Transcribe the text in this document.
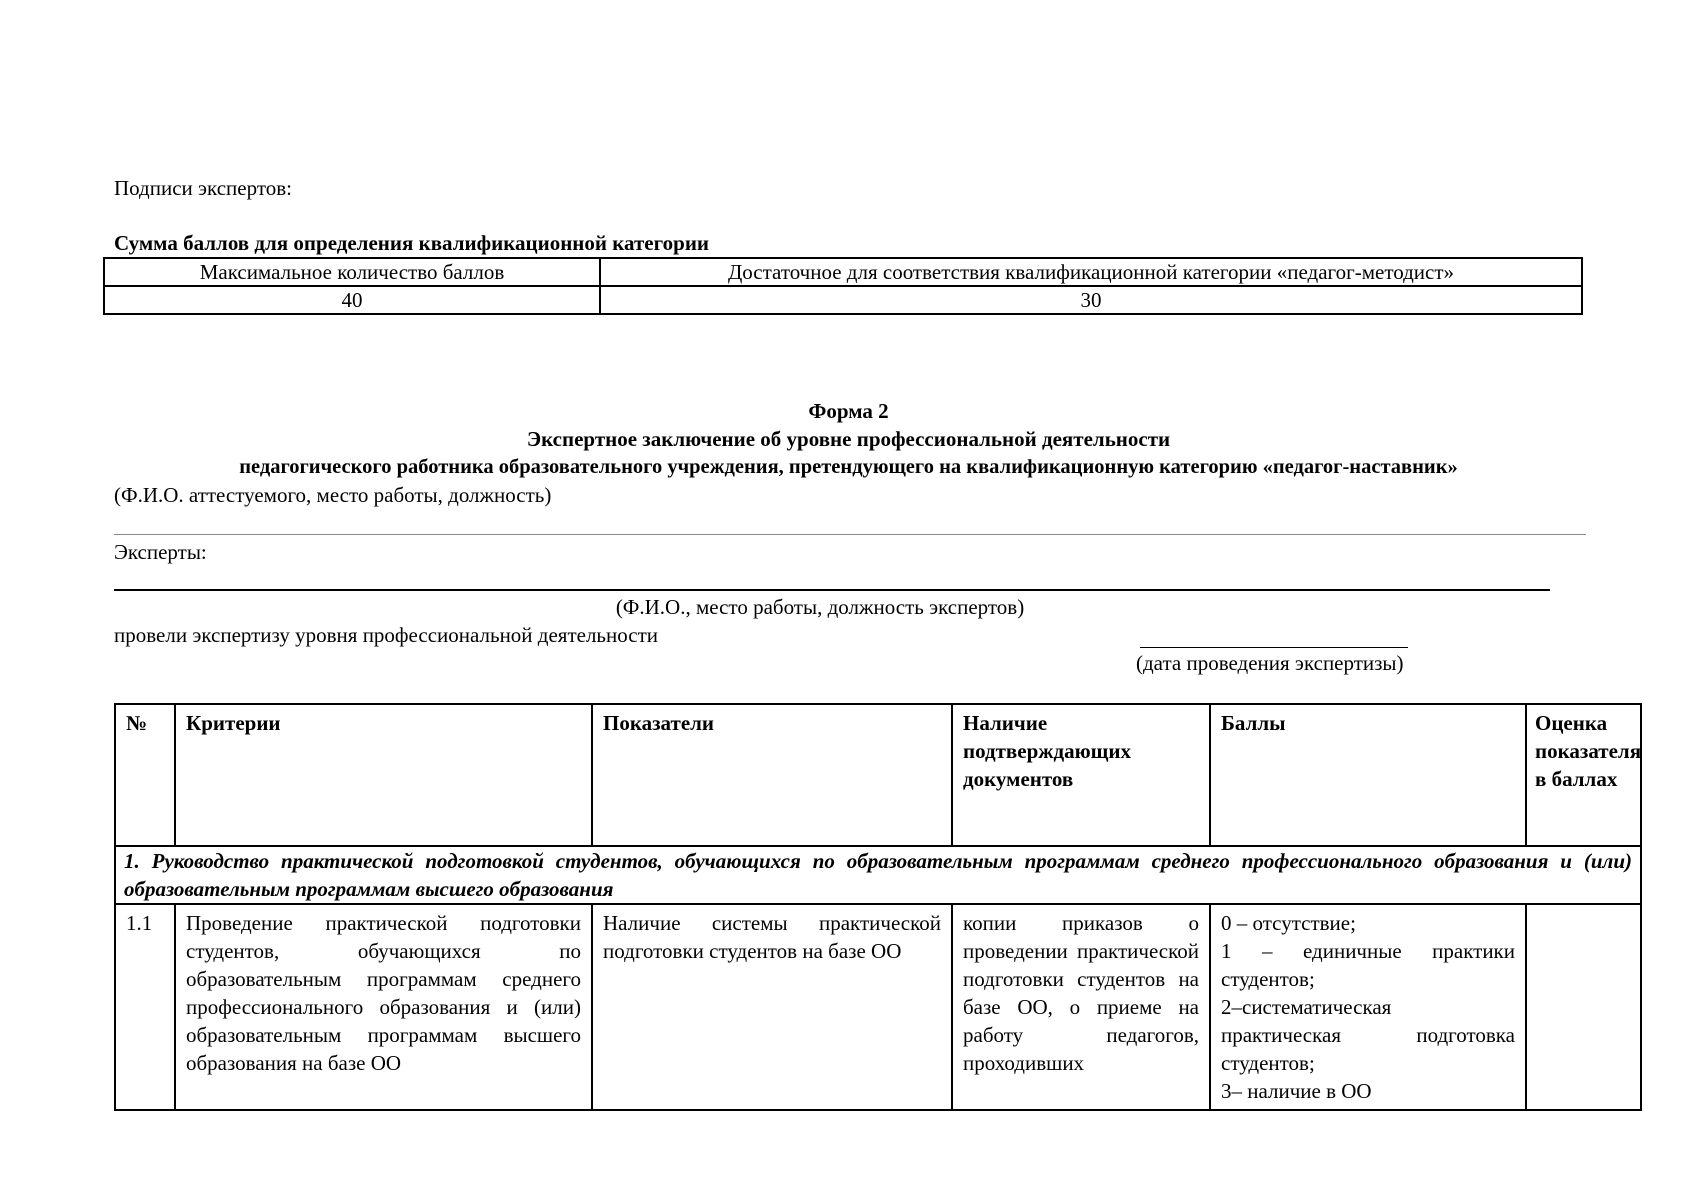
Подписи экспертов:
Сумма баллов для определения квалификационной категории
Максимальное количество баллов	Достаточное для соответствия квалификационной категории «педагог-методист»
40	30
Форма 2
Экспертное заключение об уровне профессиональной деятельности
педагогического работника образовательного учреждения, претендующего на квалификационную категорию «педагог-наставник»
(Ф.И.О. аттестуемого, место работы, должность)
Эксперты:
(Ф.И.О., место работы, должность экспертов)
провели экспертизу уровня профессиональной деятельности
(дата проведения экспертизы)
№	Критерии	Показатели	Наличие подтверждающих документов	Баллы	Оценка показателя в баллах
1. Руководство практической подготовкой студентов, обучающихся по образовательным программам среднего профессионального образования и (или) образовательным программам высшего образования					
1.1	Проведение практической подготовки студентов, обучающихся по образовательным программам среднего профессионального образования и (или) образовательным программам высшего образования на базе ОО	Наличие системы практической подготовки студентов на базе ОО	копии приказов о проведении практической подготовки студентов на базе ОО, о приеме на работу педагогов, проходивших	0 – отсутствие;
1 – единичные практики студентов;
2–систематическая практическая подготовка студентов;
3– наличие в ОО	
